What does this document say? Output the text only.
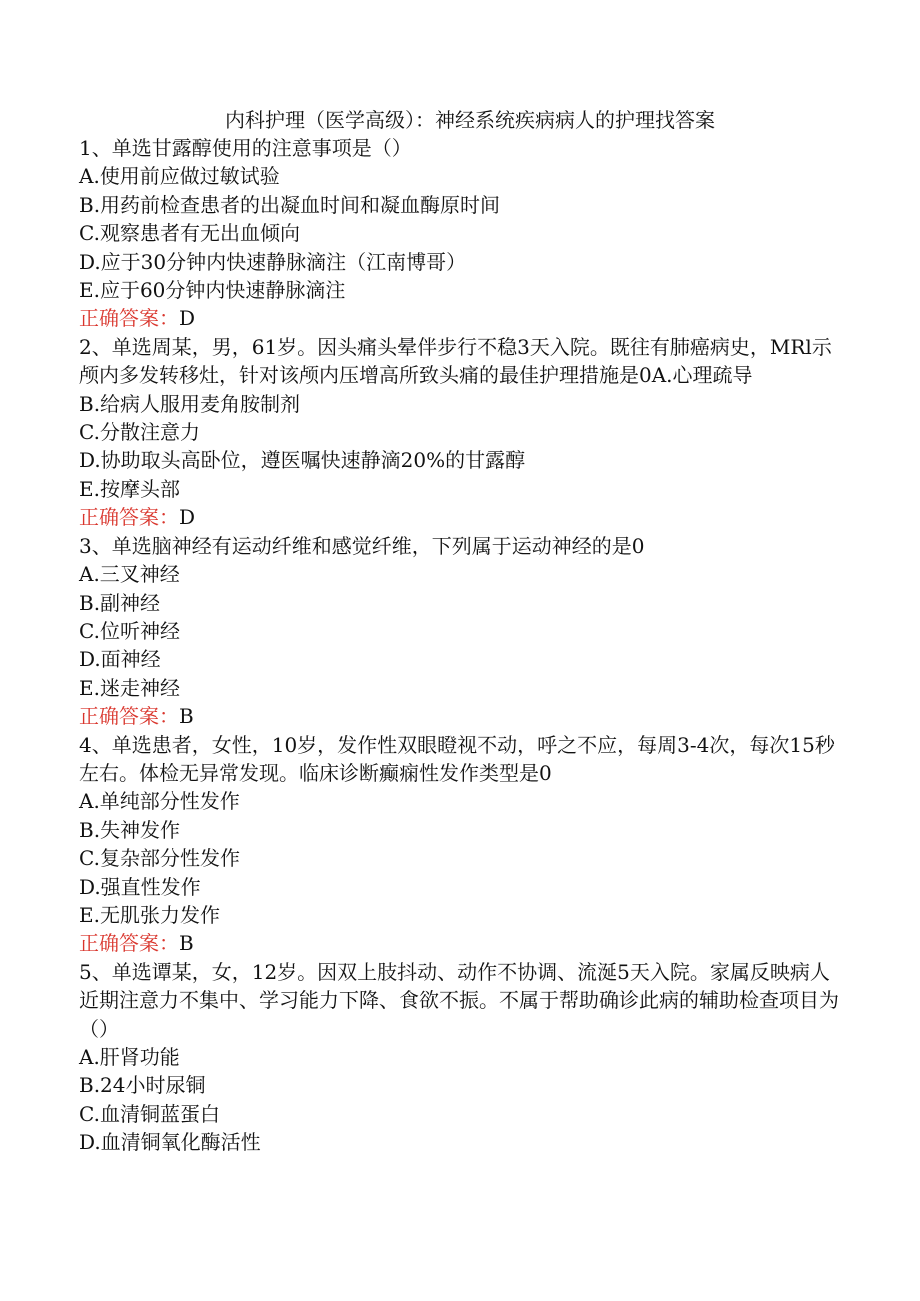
内科护理（医学高级）：神经系统疾病病人的护理找答案
1、单选甘露醇使用的注意事项是（）
A.使用前应做过敏试验
B.用药前检查患者的出凝血时间和凝血酶原时间
C.观察患者有无出血倾向
D.应于30分钟内快速静脉滴注（江南博哥）
E.应于60分钟内快速静脉滴注
正确答案：D
2、单选周某，男，61岁。因头痛头晕伴步行不稳3天入院。既往有肺癌病史，MRl示颅内多发转移灶，针对该颅内压增高所致头痛的最佳护理措施是0A.心理疏导
B.给病人服用麦角胺制剂
C.分散注意力
D.协助取头高卧位，遵医嘱快速静滴20%的甘露醇
E.按摩头部
正确答案：D
3、单选脑神经有运动纤维和感觉纤维，下列属于运动神经的是0
A.三叉神经
B.副神经
C.位听神经
D.面神经
E.迷走神经
正确答案：B
4、单选患者，女性，10岁，发作性双眼瞪视不动，呼之不应，每周3-4次，每次15秒左右。体检无异常发现。临床诊断癫痫性发作类型是0
A.单纯部分性发作
B.失神发作
C.复杂部分性发作
D.强直性发作
E.无肌张力发作
正确答案：B
5、单选谭某，女，12岁。因双上肢抖动、动作不协调、流涎5天入院。家属反映病人近期注意力不集中、学习能力下降、食欲不振。不属于帮助确诊此病的辅助检查项目为（）
A.肝肾功能
B.24小时尿铜
C.血清铜蓝蛋白
D.血清铜氧化酶活性
